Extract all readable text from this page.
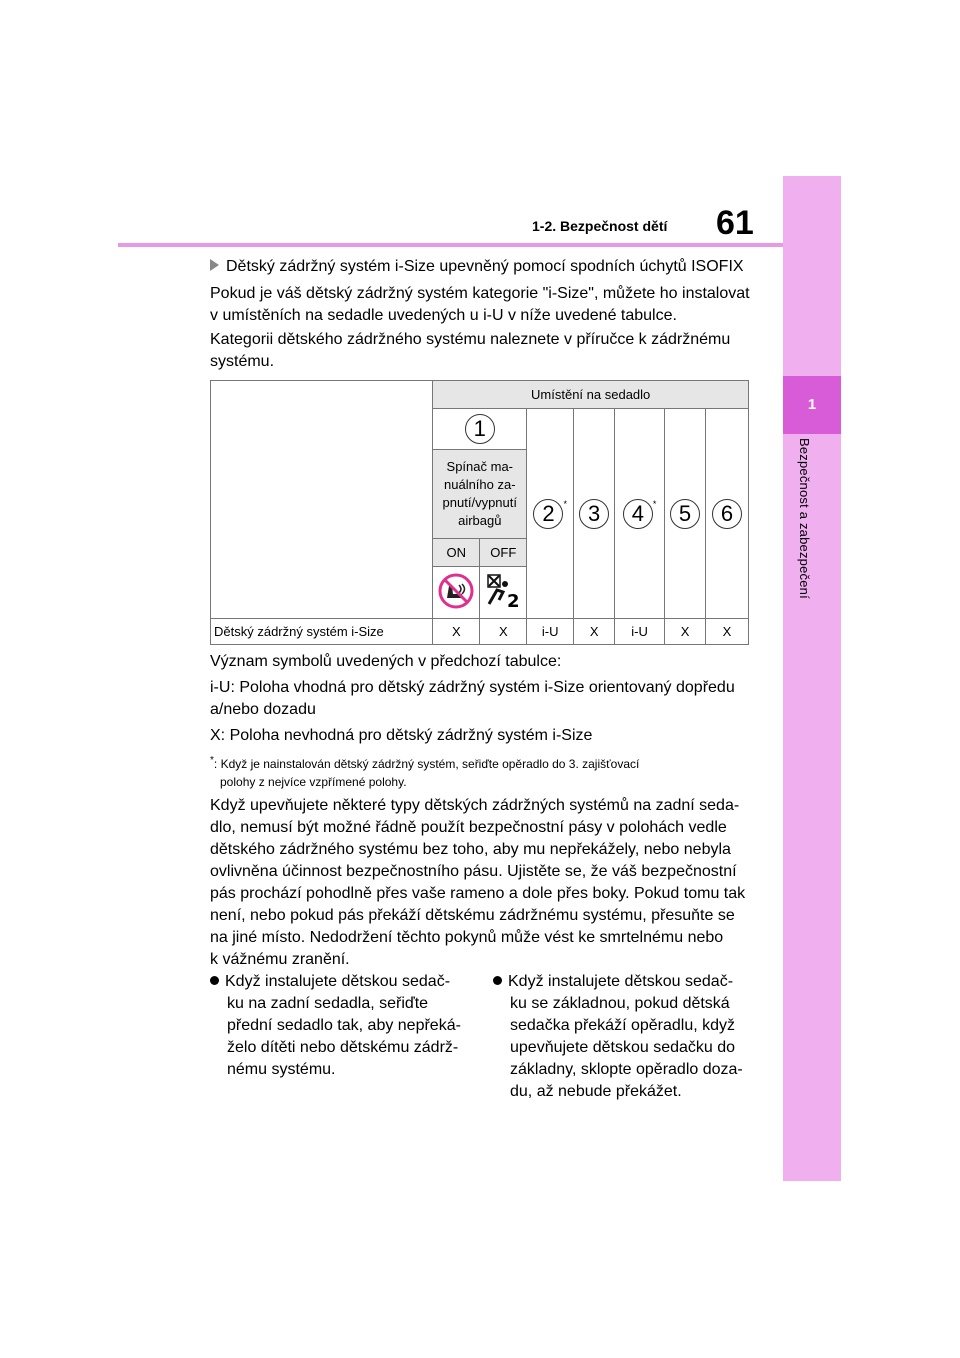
1
Bezpečnost a zabezpečení
1-2. Bezpečnost dětí 61
Dětský zádržný systém i-Size upevněný pomocí spodních úchytů ISOFIX
Pokud je váš dětský zádržný systém kategorie "i-Size", můžete ho instalovat
v umístěních na sedadle uvedených u i-U v níže uvedené tabulce.
Kategorii dětského zádržného systému naleznete v příručce k zádržnému
systému.
	Umístění na sedadlo						
	1		2 *	3	4 *	5	6
	Spínač ma-nuálního za-pnutí/vypnutí airbagů						
	ON	OFF					

2					

Dětský zádržný systém i-Size	X	X	i-U	X	i-U	X	X
Význam symbolů uvedených v předchozí tabulce:
i-U: Poloha vhodná pro dětský zádržný systém i-Size orientovaný dopředu
a/nebo dozadu
X: Poloha nevhodná pro dětský zádržný systém i-Size
*: Když je nainstalován dětský zádržný systém, seřiďte opěradlo do 3. zajišťovací
polohy z nejvíce vzpřímené polohy.
Když upevňujete některé typy dětských zádržných systémů na zadní seda-
dlo, nemusí být možné řádně použít bezpečnostní pásy v polohách vedle
dětského zádržného systému bez toho, aby mu nepřekážely, nebo nebyla
ovlivněna účinnost bezpečnostního pásu. Ujistěte se, že váš bezpečnostní
pás prochází pohodlně přes vaše rameno a dole přes boky. Pokud tomu tak
není, nebo pokud pás překáží dětskému zádržnému systému, přesuňte se
na jiné místo. Nedodržení těchto pokynů může vést ke smrtelnému nebo
k vážnému zranění.
Když instalujete dětskou sedač-
ku na zadní sedadla, seřiďte
přední sedadlo tak, aby nepřeká-
želo dítěti nebo dětskému zádrž-
nému systému.
Když instalujete dětskou sedač-
ku se základnou, pokud dětská
sedačka překáží opěradlu, když
upevňujete dětskou sedačku do
základny, sklopte opěradlo doza-
du, až nebude překážet.
